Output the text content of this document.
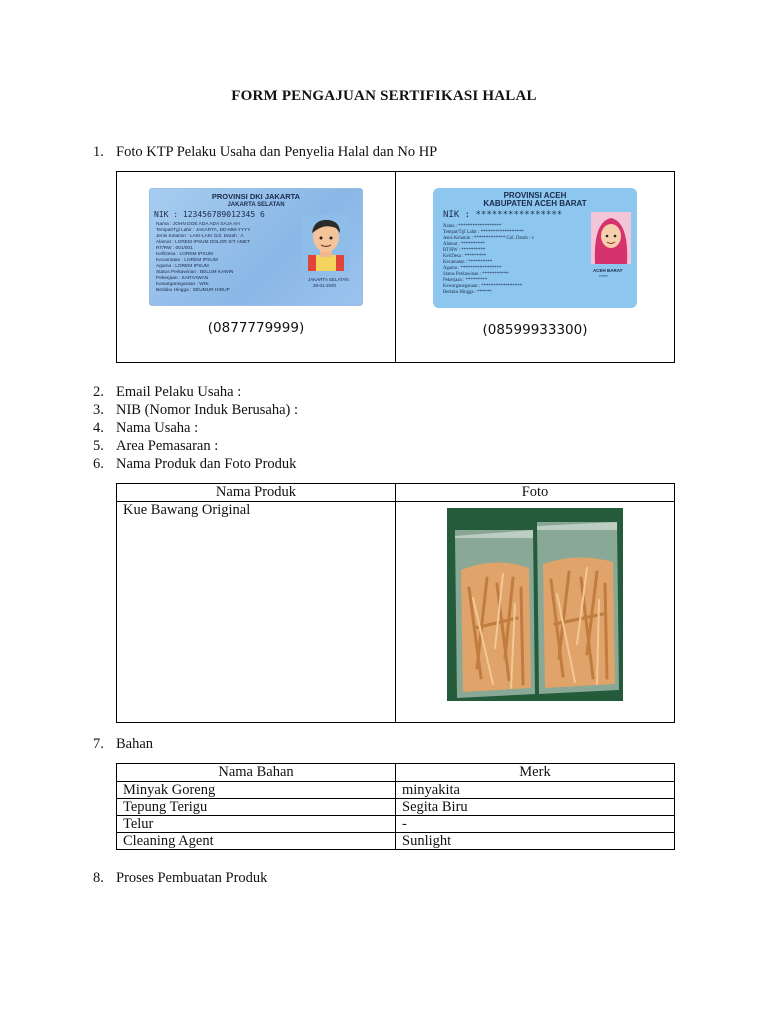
FORM PENGAJUAN SERTIFIKASI HALAL
1. Foto KTP Pelaku Usaha dan Penyelia Halal dan No HP
PROVINSI DKI JAKARTA
JAKARTA SELATAN
NIK : 123456789012345 6
Nama : JOHN DOE ADA ADA SAJA AH
Tempat/Tgl Lahir : JAKARTA, DD-MM-YYYY
Jenis Kelamin : LAKI-LAKI Gol. Darah : A
Alamat : LOREM IPSUM DOLOR SIT AMET
RT/RW : 001/001
Kel/Desa : LOREM IPSUM
Kecamatan : LOREM IPSUM
Agama : LOREM IPSUM
Status Perkawinan : BELUM KAWIN
Pekerjaan : KARYAWAN
Kewarganegaraan : WNI
Berlaku Hingga : SEUMUR HIDUP
JAKARTA SELATAN
28-01-2020
(0877779999)

PROVINSI ACEH
KABUPATEN ACEH BARAT
NIK : ****************
Nama : ******************
Tempat/Tgl Lahir : ******************
Jenis Kelamin : ************* Gol. Darah : x
Alamat : **********
RT/RW : **********
Kel/Desa : *********
Kecamatan : **********
Agama : *****************
Status Perkawinan : ***********
Pekerjaan : *********
Kewarganegaraan : *****************
Berlaku Hingga : ******
ACEH BARAT
*****
(08599933300)
2. Email Pelaku Usaha :
3. NIB (Nomor Induk Berusaha) :
4. Nama Usaha :
5. Area Pemasaran :
6. Nama Produk dan Foto Produk
Nama Produk	Foto
Kue Bawang Original	
7. Bahan
Nama Bahan	Merk
Minyak Goreng	minyakita
Tepung Terigu	Segita Biru
Telur	-
Cleaning Agent	Sunlight
8. Proses Pembuatan Produk
